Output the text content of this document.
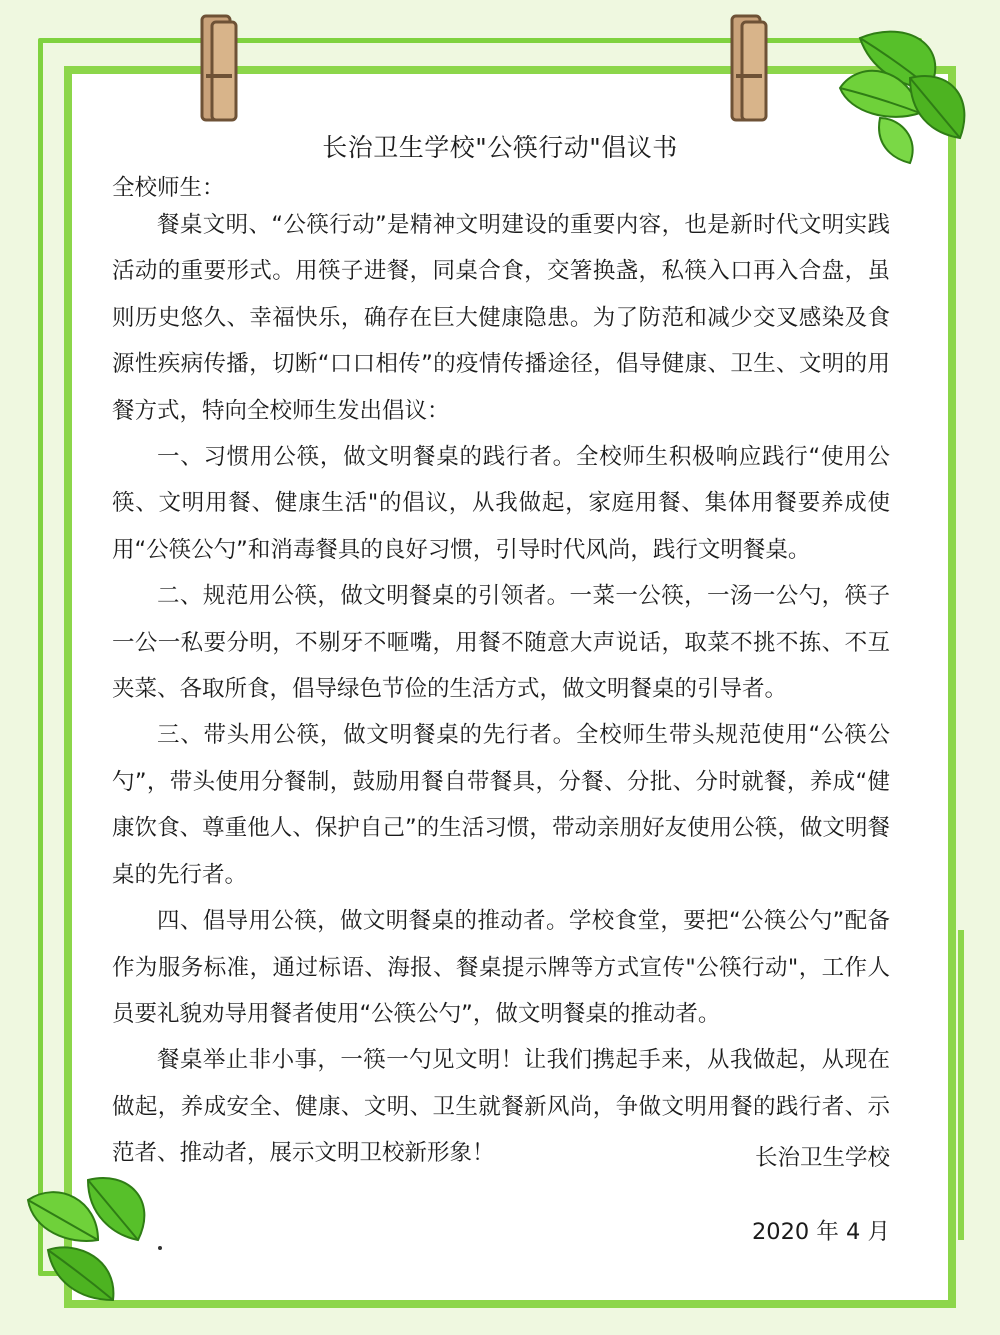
长治卫生学校"公筷行动"倡议书
全校师生：

餐桌文明、“公筷行动”是精神文明建设的重要内容，也是新时代文明实践活动的重要形式。用筷子进餐，同桌合食，交箸换盏，私筷入口再入合盘，虽则历史悠久、幸福快乐，确存在巨大健康隐患。为了防范和减少交叉感染及食源性疾病传播，切断“口口相传”的疫情传播途径，倡导健康、卫生、文明的用餐方式，特向全校师生发出倡议：

一、习惯用公筷，做文明餐桌的践行者。全校师生积极响应践行“使用公筷、文明用餐、健康生活"的倡议，从我做起，家庭用餐、集体用餐要养成使用“公筷公勺”和消毒餐具的良好习惯，引导时代风尚，践行文明餐桌。

二、规范用公筷，做文明餐桌的引领者。一菜一公筷，一汤一公勺，筷子一公一私要分明，不剔牙不咂嘴，用餐不随意大声说话，取菜不挑不拣、不互夹菜、各取所食，倡导绿色节俭的生活方式，做文明餐桌的引导者。

三、带头用公筷，做文明餐桌的先行者。全校师生带头规范使用“公筷公勺”，带头使用分餐制，鼓励用餐自带餐具，分餐、分批、分时就餐，养成“健康饮食、尊重他人、保护自己”的生活习惯，带动亲朋好友使用公筷，做文明餐桌的先行者。

四、倡导用公筷，做文明餐桌的推动者。学校食堂，要把“公筷公勺”配备作为服务标准，通过标语、海报、餐桌提示牌等方式宣传"公筷行动"，工作人员要礼貌劝导用餐者使用“公筷公勺”，做文明餐桌的推动者。

餐桌举止非小事，一筷一勺见文明！让我们携起手来，从我做起，从现在做起，养成安全、健康、文明、卫生就餐新风尚，争做文明用餐的践行者、示范者、推动者，展示文明卫校新形象！	长治卫生学校
2020 年 4 月
